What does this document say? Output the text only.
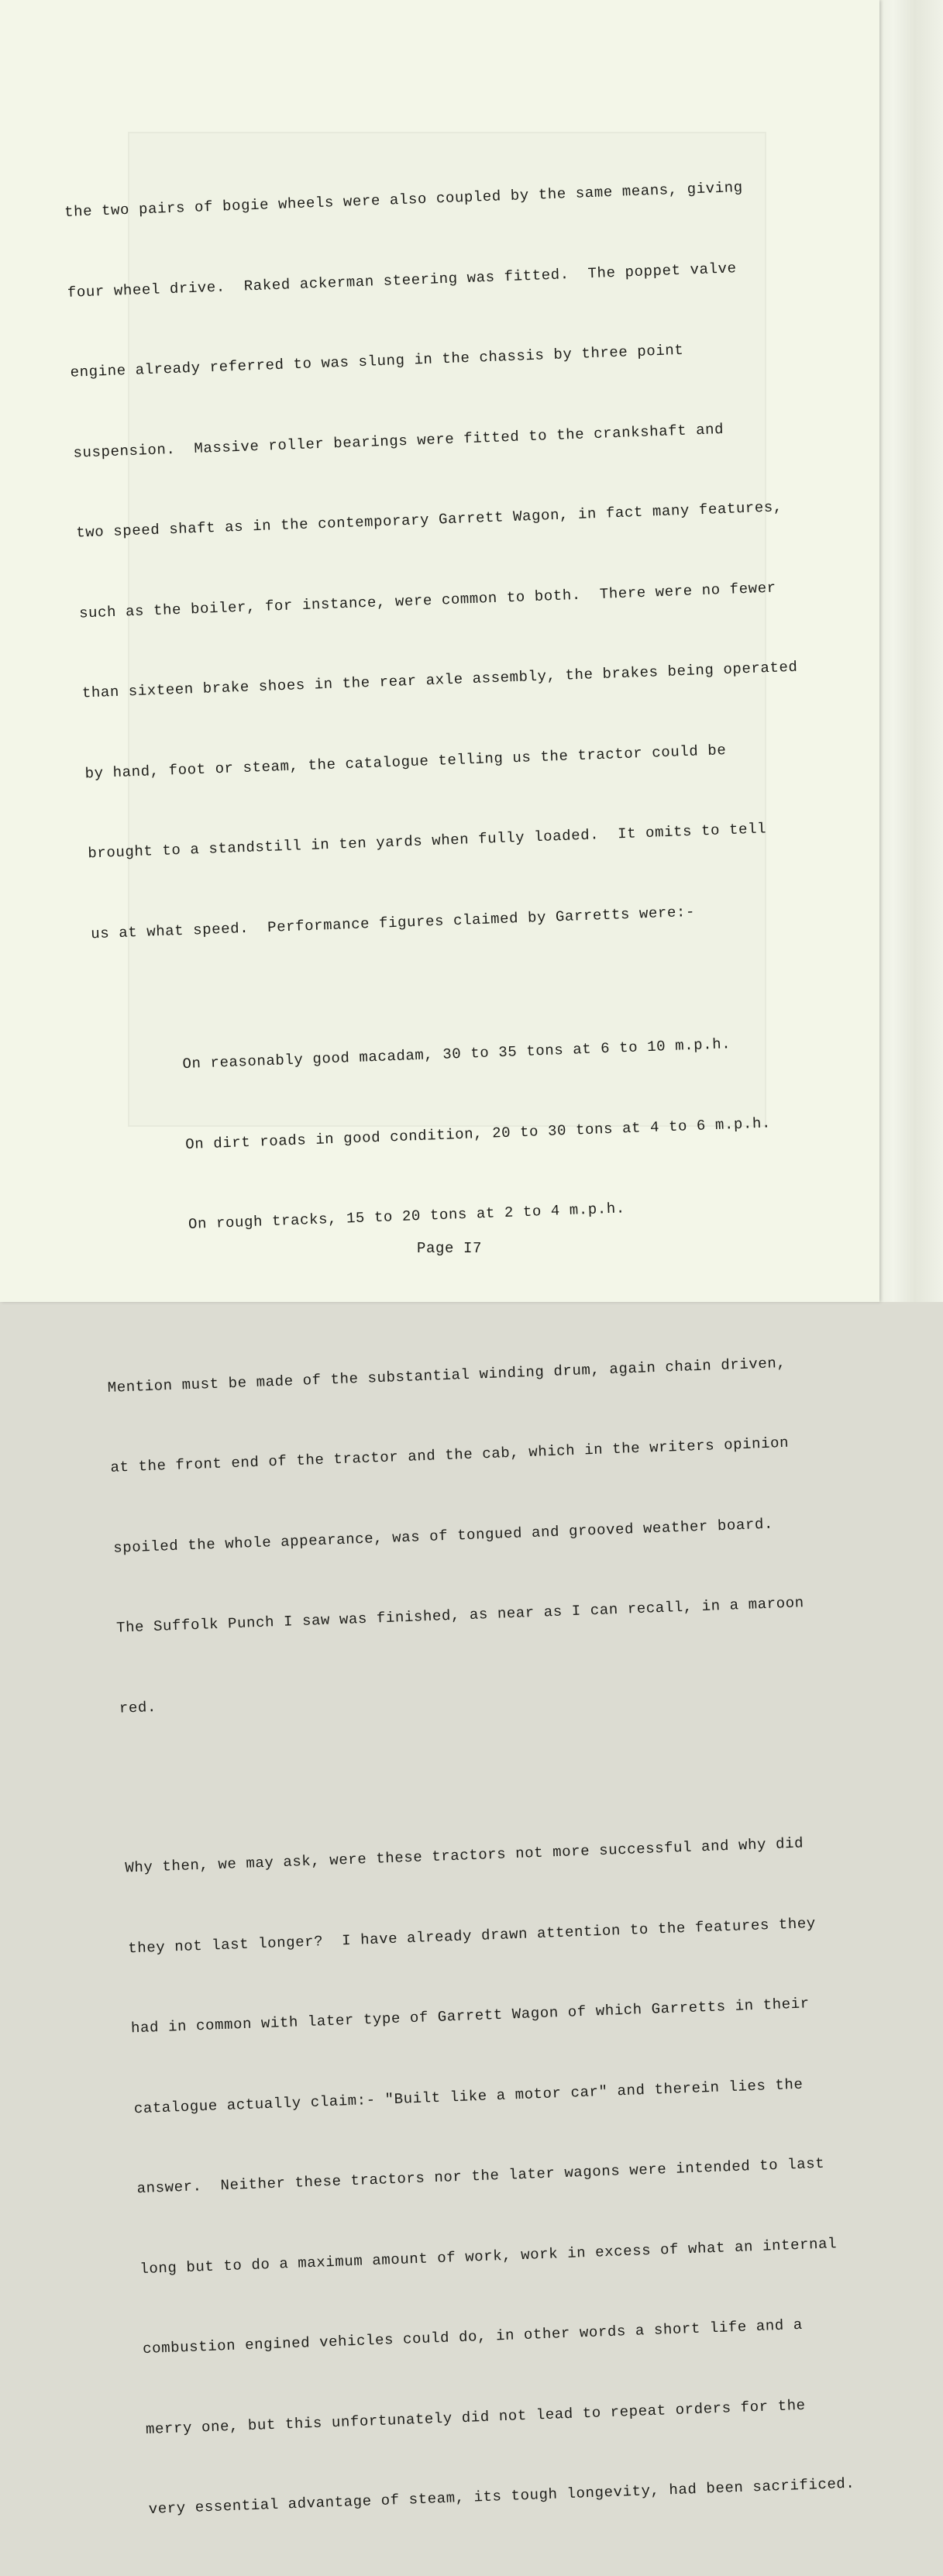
the two pairs of bogie wheels were also coupled by the same means, giving

four wheel drive.  Raked ackerman steering was fitted.  The poppet valve

engine already referred to was slung in the chassis by three point

suspension.  Massive roller bearings were fitted to the crankshaft and

two speed shaft as in the contemporary Garrett Wagon, in fact many features,

such as the boiler, for instance, were common to both.  There were no fewer

than sixteen brake shoes in the rear axle assembly, the brakes being operated

by hand, foot or steam, the catalogue telling us the tractor could be

brought to a standstill in ten yards when fully loaded.  It omits to tell

us at what speed.  Performance figures claimed by Garretts were:-

On reasonably good macadam, 30 to 35 tons at 6 to 10 m.p.h.

On dirt roads in good condition, 20 to 30 tons at 4 to 6 m.p.h.

On rough tracks, 15 to 20 tons at 2 to 4 m.p.h.

Mention must be made of the substantial winding drum, again chain driven,

at the front end of the tractor and the cab, which in the writers opinion

spoiled the whole appearance, was of tongued and grooved weather board.

The Suffolk Punch I saw was finished, as near as I can recall, in a maroon

red.

Why then, we may ask, were these tractors not more successful and why did

they not last longer?  I have already drawn attention to the features they

had in common with later type of Garrett Wagon of which Garretts in their

catalogue actually claim:- "Built like a motor car" and therein lies the

answer.  Neither these tractors nor the later wagons were intended to last

long but to do a maximum amount of work, work in excess of what an internal

combustion engined vehicles could do, in other words a short life and a

merry one, but this unfortunately did not lead to repeat orders for the

very essential advantage of steam, its tough longevity, had been sacrificed.

Page I7
